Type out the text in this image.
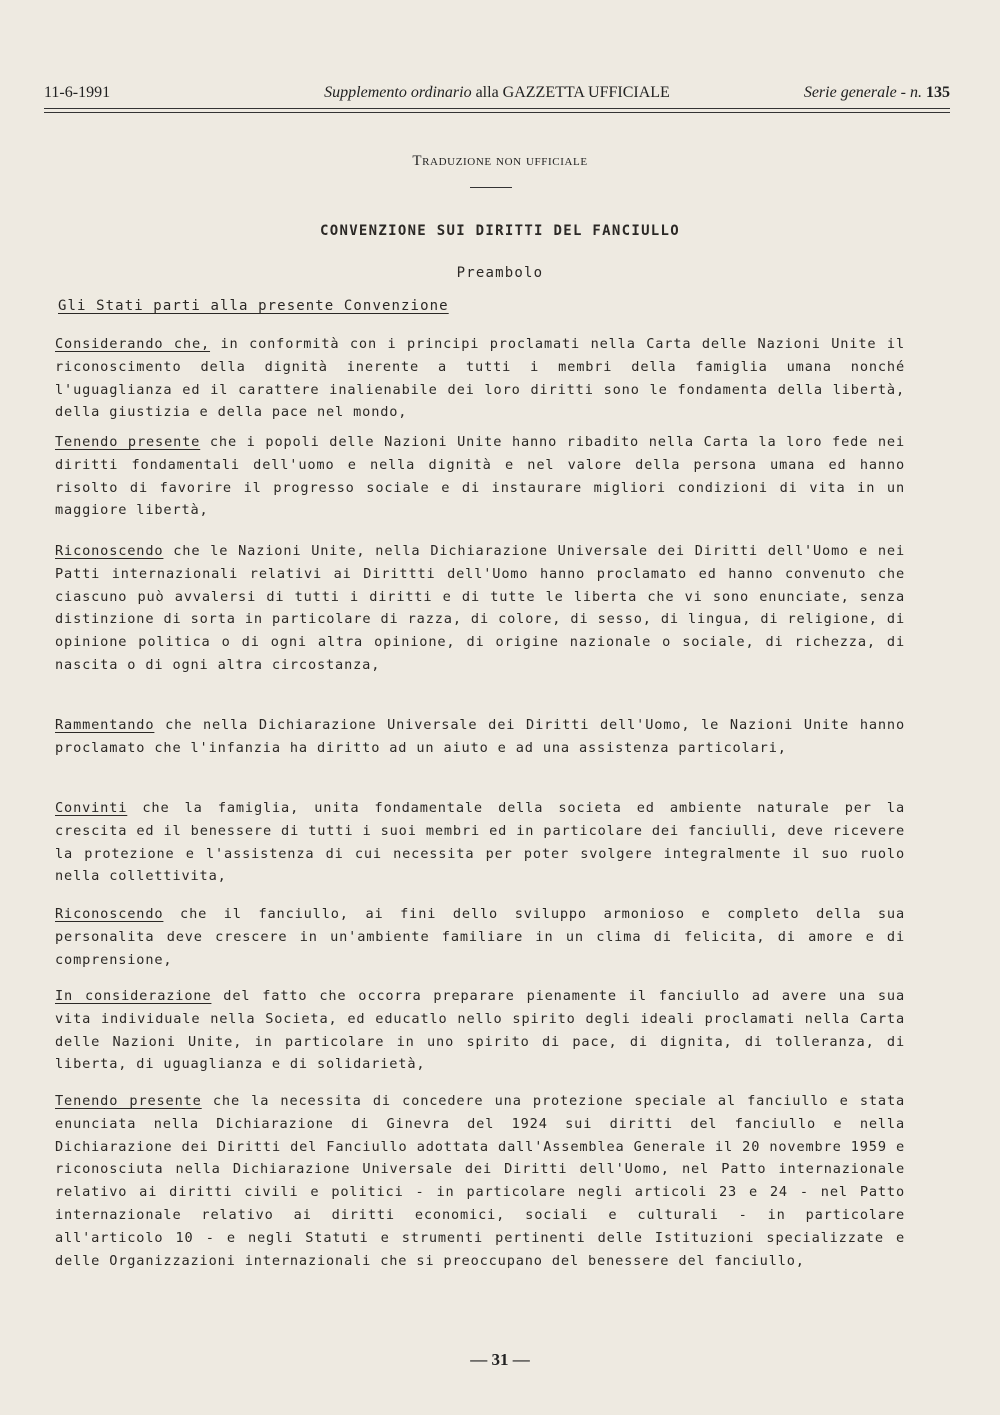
11-6-1991	Supplemento ordinario alla GAZZETTA UFFICIALE	Serie generale - n. 135
Traduzione non ufficiale
CONVENZIONE SUI DIRITTI DEL FANCIULLO
Preambolo
Gli Stati parti alla presente Convenzione
Considerando che, in conformità con i principi proclamati nella Carta delle Nazioni Unite il riconoscimento della dignità inerente a tutti i membri della famiglia umana nonché l'uguaglianza ed il carattere inalienabile dei loro diritti sono le fondamenta della libertà, della giustizia e della pace nel mondo,
Tenendo presente che i popoli delle Nazioni Unite hanno ribadito nella Carta la loro fede nei diritti fondamentali dell'uomo e nella dignità e nel valore della persona umana ed hanno risolto di favorire il progresso sociale e di instaurare migliori condizioni di vita in un maggiore libertà,
Riconoscendo che le Nazioni Unite, nella Dichiarazione Universale dei Diritti dell'Uomo e nei Patti internazionali relativi ai Dirittti dell'Uomo hanno proclamato ed hanno convenuto che ciascuno può avvalersi di tutti i diritti e di tutte le liberta che vi sono enunciate, senza distinzione di sorta in particolare di razza, di colore, di sesso, di lingua, di religione, di opinione politica o di ogni altra opinione, di origine nazionale o sociale, di richezza, di nascita o di ogni altra circostanza,
Rammentando che nella Dichiarazione Universale dei Diritti dell'Uomo, le Nazioni Unite hanno proclamato che l'infanzia ha diritto ad un aiuto e ad una assistenza particolari,
Convinti che la famiglia, unita fondamentale della societa ed ambiente naturale per la crescita ed il benessere di tutti i suoi membri ed in particolare dei fanciulli, deve ricevere la protezione e l'assistenza di cui necessita per poter svolgere integralmente il suo ruolo nella collettivita,
Riconoscendo che il fanciullo, ai fini dello sviluppo armonioso e completo della sua personalita deve crescere in un'ambiente familiare in un clima di felicita, di amore e di comprensione,
In considerazione del fatto che occorra preparare pienamente il fanciullo ad avere una sua vita individuale nella Societa, ed educatlo nello spirito degli ideali proclamati nella Carta delle Nazioni Unite, in particolare in uno spirito di pace, di dignita, di tolleranza, di liberta, di uguaglianza e di solidarietà,
Tenendo presente che la necessita di concedere una protezione speciale al fanciullo e stata enunciata nella Dichiarazione di Ginevra del 1924 sui diritti del fanciullo e nella Dichiarazione dei Diritti del Fanciullo adottata dall'Assemblea Generale il 20 novembre 1959 e riconosciuta nella Dichiarazione Universale dei Diritti dell'Uomo, nel Patto internazionale relativo ai diritti civili e politici - in particolare negli articoli 23 e 24 - nel Patto internazionale relativo ai diritti economici, sociali e culturali - in particolare all'articolo 10 - e negli Statuti e strumenti pertinenti delle Istituzioni specializzate e delle Organizzazioni internazionali che si preoccupano del benessere del fanciullo,
— 31 —
